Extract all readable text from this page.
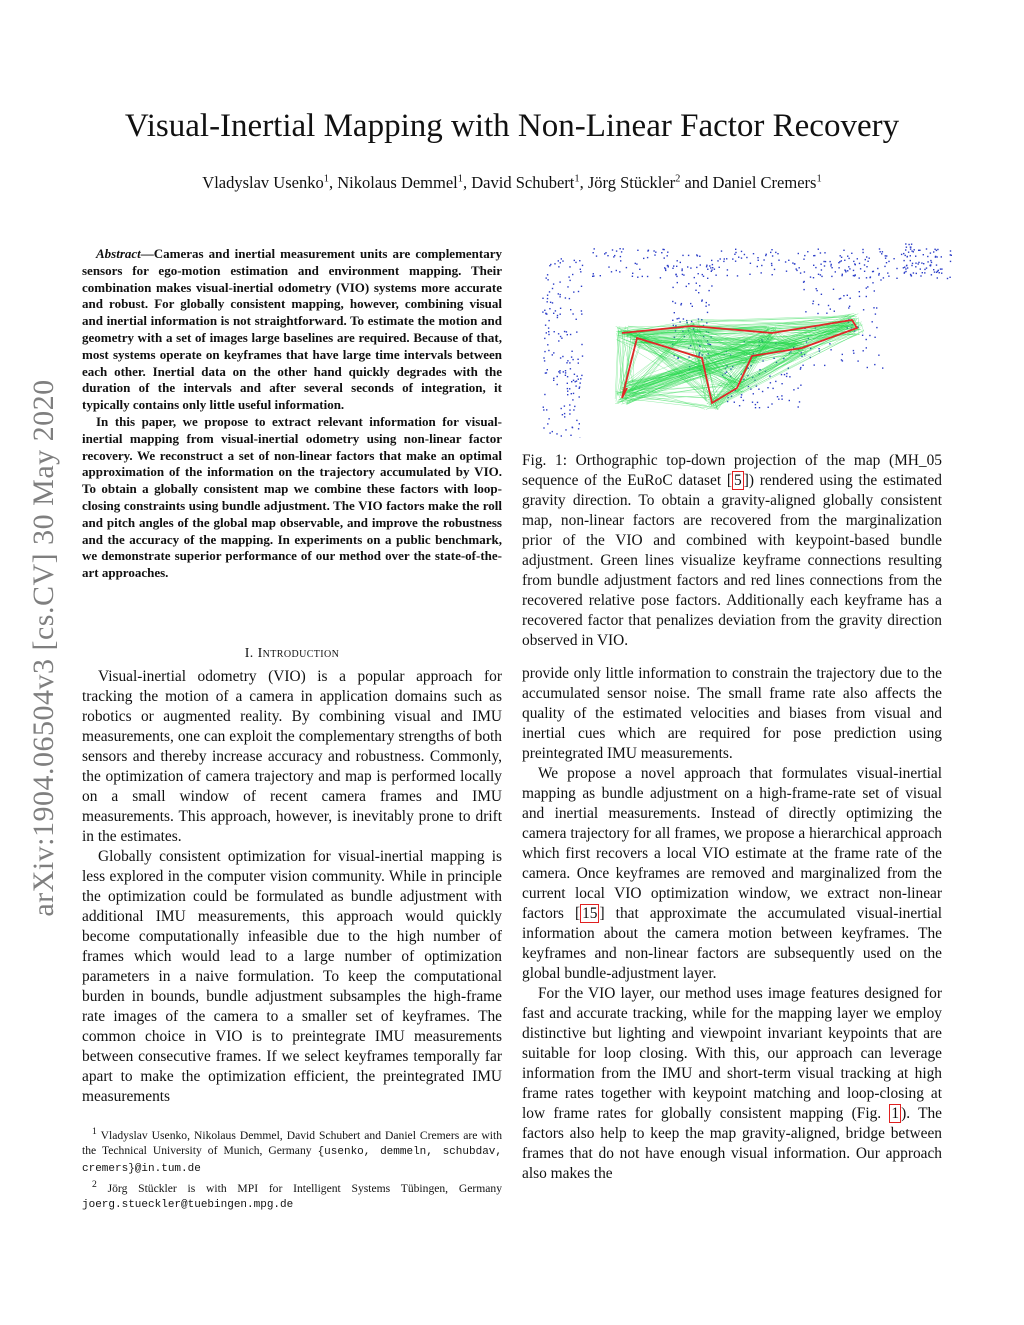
arXiv:1904.06504v3 [cs.CV] 30 May 2020
Visual-Inertial Mapping with Non-Linear Factor Recovery
Vladyslav Usenko$^1$, Nikolaus Demmel$^1$, David Schubert$^1$, Jörg Stückler$^2$ and Daniel Cremers$^1$

Abstract—Cameras and inertial measurement units are complementary sensors for ego-motion estimation and environment mapping. Their combination makes visual-inertial odometry (VIO) systems more accurate and robust. For globally consistent mapping, however, combining visual and inertial information is not straightforward. To estimate the motion and geometry with a set of images large baselines are required. Because of that, most systems operate on keyframes that have large time intervals between each other. Inertial data on the other hand quickly degrades with the duration of the intervals and after several seconds of integration, it typically contains only little useful information.

In this paper, we propose to extract relevant information for visual-inertial mapping from visual-inertial odometry using non-linear factor recovery. We reconstruct a set of non-linear factors that make an optimal approximation of the information on the trajectory accumulated by VIO. To obtain a globally consistent map we combine these factors with loop-closing constraints using bundle adjustment. The VIO factors make the roll and pitch angles of the global map observable, and improve the robustness and the accuracy of the mapping. In experiments on a public benchmark, we demonstrate superior performance of our method over the state-of-the-art approaches.

I. Introduction

Visual-inertial odometry (VIO) is a popular approach for tracking the motion of a camera in application domains such as robotics or augmented reality. By combining visual and IMU measurements, one can exploit the complementary strengths of both sensors and thereby increase accuracy and robustness. Commonly, the optimization of camera trajectory and map is performed locally on a small window of recent camera frames and IMU measurements. This approach, however, is inevitably prone to drift in the estimates.

Globally consistent optimization for visual-inertial mapping is less explored in the computer vision community. While in principle the optimization could be formulated as bundle adjustment with additional IMU measurements, this approach would quickly become computationally infeasible due to the high number of frames which would lead to a large number of optimization parameters in a naive formulation. To keep the computational burden in bounds, bundle adjustment subsamples the high-frame rate images of the camera to a smaller set of keyframes. The common choice in VIO is to preintegrate IMU measurements between consecutive frames. If we select keyframes temporally far apart to make the optimization efficient, the preintegrated IMU measurements

$^1$ Vladyslav Usenko, Nikolaus Demmel, David Schubert and Daniel Cremers are with the Technical University of Munich, Germany {usenko, demmeln, schubdav, cremers}@in.tum.de

$^2$ Jörg Stückler is with MPI for Intelligent Systems Tübingen, Germany joerg.stueckler@tuebingen.mpg.de

Fig. 1: Orthographic top-down projection of the map (MH_05 sequence of the EuRoC dataset [ 5 ]) rendered using the estimated gravity direction. To obtain a gravity-aligned globally consistent map, non-linear factors are recovered from the marginalization prior of the VIO and combined with keypoint-based bundle adjustment. Green lines visualize keyframe connections resulting from bundle adjustment factors and red lines connections from the recovered relative pose factors. Additionally each keyframe has a recovered factor that penalizes deviation from the gravity direction observed in VIO.

provide only little information to constrain the trajectory due to the accumulated sensor noise. The small frame rate also affects the quality of the estimated velocities and biases from visual and inertial cues which are required for pose prediction using preintegrated IMU measurements.

We propose a novel approach that formulates visual-inertial mapping as bundle adjustment on a high-frame-rate set of visual and inertial measurements. Instead of directly optimizing the camera trajectory for all frames, we propose a hierarchical approach which first recovers a local VIO estimate at the frame rate of the camera. Once keyframes are removed and marginalized from the current local VIO optimization window, we extract non-linear factors [ 15 ] that approximate the accumulated visual-inertial information about the camera motion between keyframes. The keyframes and non-linear factors are subsequently used on the global bundle-adjustment layer.

For the VIO layer, our method uses image features designed for fast and accurate tracking, while for the mapping layer we employ distinctive but lighting and viewpoint invariant keypoints that are suitable for loop closing. With this, our approach can leverage information from the IMU and short-term visual tracking at high frame rates together with keypoint matching and loop-closing at low frame rates for globally consistent mapping (Fig. 1 ). The factors also help to keep the map gravity-aligned, bridge between frames that do not have enough visual information. Our approach also makes the
